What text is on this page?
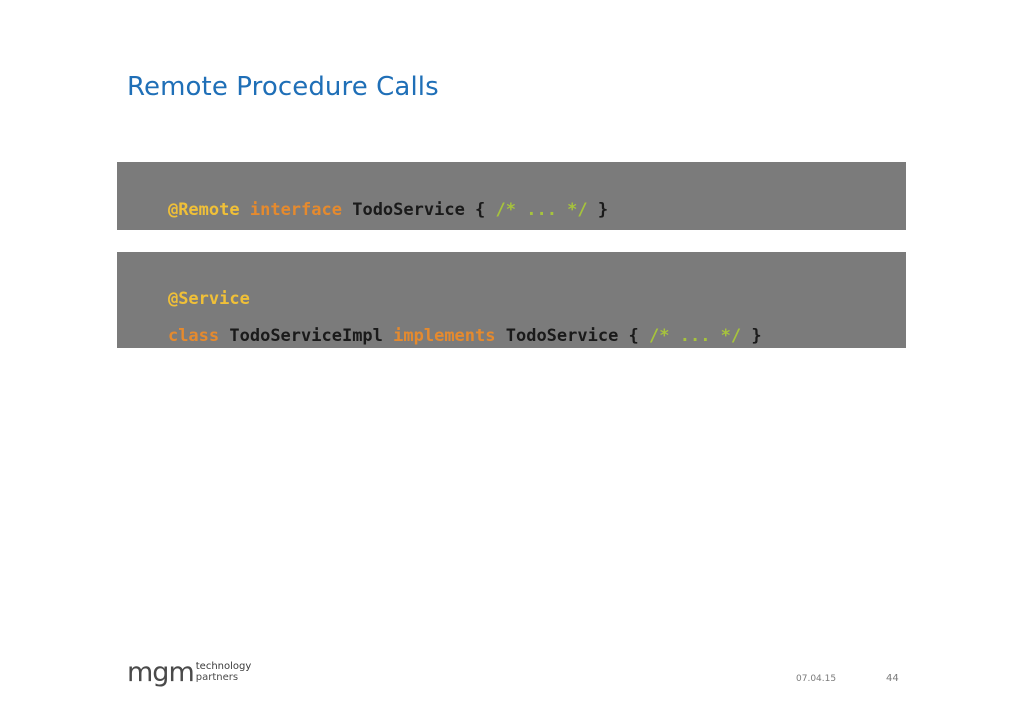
Remote Procedure Calls

@Remote interface TodoService { /* ... */ }

@Service

class TodoServiceImpl implements TodoService { /* ... */ }

mgm technology
partners	07.04.15	44
